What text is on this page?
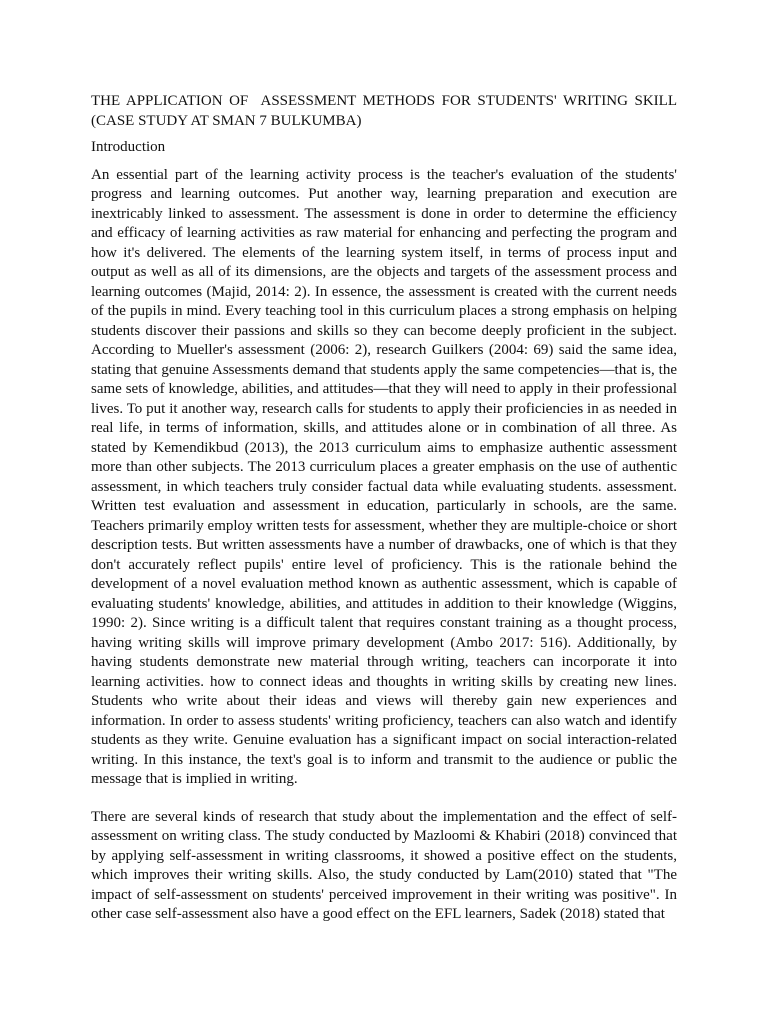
THE APPLICATION OF  ASSESSMENT METHODS FOR STUDENTS' WRITING SKILL (CASE STUDY AT SMAN 7 BULKUMBA)
Introduction

An essential part of the learning activity process is the teacher's evaluation of the students' progress and learning outcomes. Put another way, learning preparation and execution are inextricably linked to assessment. The assessment is done in order to determine the efficiency and efficacy of learning activities as raw material for enhancing and perfecting the program and how it's delivered. The elements of the learning system itself, in terms of process input and output as well as all of its dimensions, are the objects and targets of the assessment process and learning outcomes (Majid, 2014: 2). In essence, the assessment is created with the current needs of the pupils in mind. Every teaching tool in this curriculum places a strong emphasis on helping students discover their passions and skills so they can become deeply proficient in the subject. According to Mueller's assessment (2006: 2), research Guilkers (2004: 69) said the same idea, stating that genuine Assessments demand that students apply the same competencies—that is, the same sets of knowledge, abilities, and attitudes—that they will need to apply in their professional lives. To put it another way, research calls for students to apply their proficiencies in as needed in real life, in terms of information, skills, and attitudes alone or in combination of all three. As stated by Kemendikbud (2013), the 2013 curriculum aims to emphasize authentic assessment more than other subjects. The 2013 curriculum places a greater emphasis on the use of authentic assessment, in which teachers truly consider factual data while evaluating students. assessment. Written test evaluation and assessment in education, particularly in schools, are the same. Teachers primarily employ written tests for assessment, whether they are multiple-choice or short description tests. But written assessments have a number of drawbacks, one of which is that they don't accurately reflect pupils' entire level of proficiency. This is the rationale behind the development of a novel evaluation method known as authentic assessment, which is capable of evaluating students' knowledge, abilities, and attitudes in addition to their knowledge (Wiggins, 1990: 2). Since writing is a difficult talent that requires constant training as a thought process, having writing skills will improve primary development (Ambo 2017: 516). Additionally, by having students demonstrate new material through writing, teachers can incorporate it into learning activities. how to connect ideas and thoughts in writing skills by creating new lines. Students who write about their ideas and views will thereby gain new experiences and information. In order to assess students' writing proficiency, teachers can also watch and identify students as they write. Genuine evaluation has a significant impact on social interaction-related writing. In this instance, the text's goal is to inform and transmit to the audience or public the message that is implied in writing.

There are several kinds of research that study about the implementation and the effect of self-assessment on writing class. The study conducted by Mazloomi & Khabiri (2018) convinced that by applying self-assessment in writing classrooms, it showed a positive effect on the students, which improves their writing skills. Also, the study conducted by Lam(2010) stated that "The impact of self-assessment on students' perceived improvement in their writing was positive". In other case self-assessment also have a good effect on the EFL learners, Sadek (2018) stated that
